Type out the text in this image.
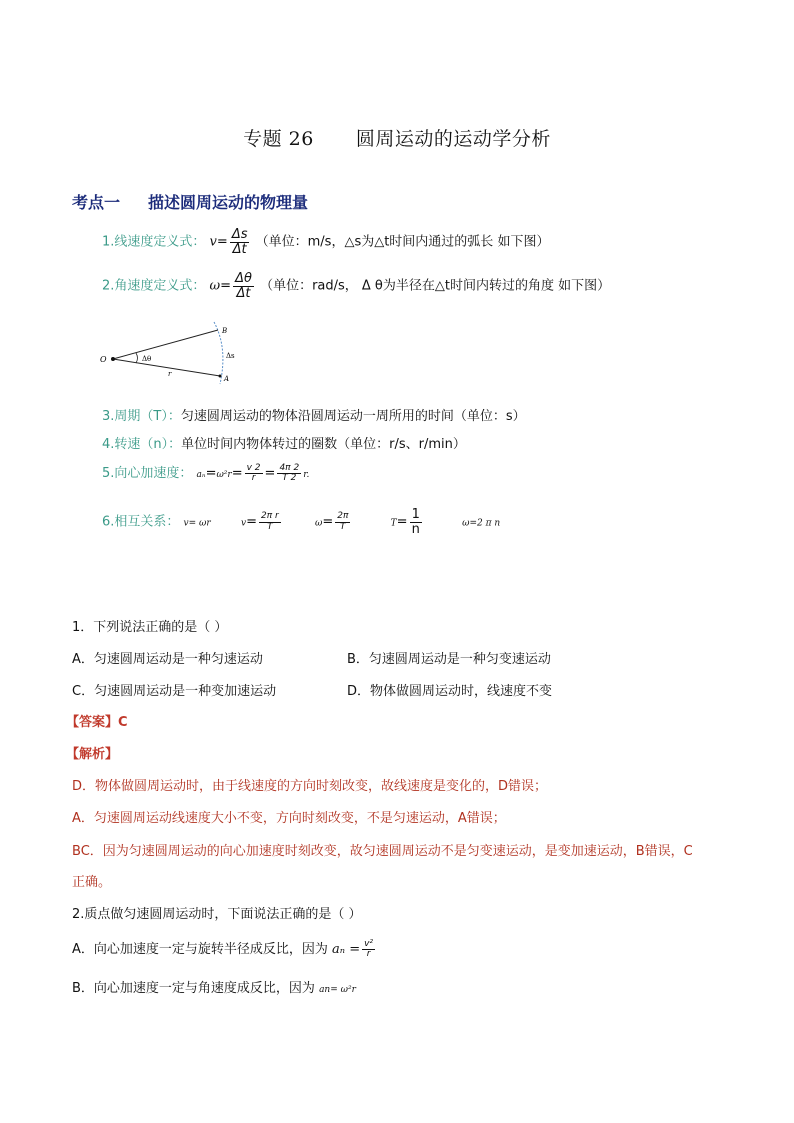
专题 26 圆周运动的运动学分析
考点一 描述圆周运动的物理量
1.线速度定义式： $v= \frac{\Delta s}{\Delta t}$ （单位：m/s，△s为△t时间内通过的弧长 如下图）
2.角速度定义式： $\omega= \frac{\Delta\theta}{\Delta t}$ （单位：rad/s， Δ θ为半径在△t时间内转过的角度 如下图）
O
B
A
Δθ	Δs
r
3.周期（T）：匀速圆周运动的物体沿圆周运动一周所用的时间（单位：s）
4.转速（n）：单位时间内物体转过的圈数（单位：r/s、r/min）
5.向心加速度： $a_n=\omega^2r= \frac{v 2}{r} = \frac{4\pi 2}{T 2} r$.
6.相互关系： v= ωr	$v= \frac{\text{2π r}}{T}$	$\omega= \frac{2\pi}{T}$	$T= \frac{1}{n}$	ω=2 π n
1．下列说法正确的是（ ）
A．匀速圆周运动是一种匀速运动	B．匀速圆周运动是一种匀变速运动
C．匀速圆周运动是一种变加速运动	D．物体做圆周运动时，线速度不变
【答案】C
【解析】
D．物体做圆周运动时，由于线速度的方向时刻改变，故线速度是变化的，D错误；
A．匀速圆周运动线速度大小不变，方向时刻改变，不是匀速运动，A错误；
BC．因为匀速圆周运动的向心加速度时刻改变，故匀速圆周运动不是匀变速运动，是变加速运动，B错误，C
正确。
2.质点做匀速圆周运动时，下面说法正确的是（ ）
A．向心加速度一定与旋转半径成反比，因为 $a_n = \frac{\text{v²}}{r}$
B．向心加速度一定与角速度成反比，因为 an= ω²r
